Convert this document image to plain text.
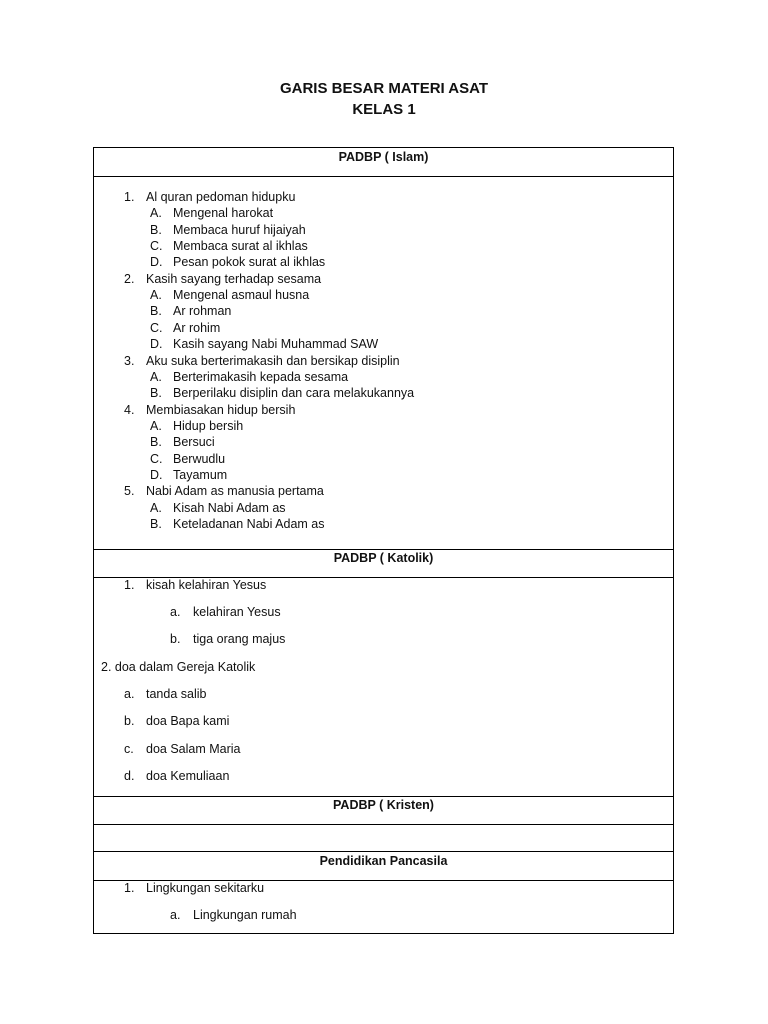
GARIS BESAR MATERI ASAT
KELAS 1
PADBP ( Islam)
1. Al quran pedoman hidupku
A. Mengenal harokat
B. Membaca huruf hijaiyah
C. Membaca surat al ikhlas
D. Pesan pokok surat al ikhlas
2. Kasih sayang terhadap sesama
A. Mengenal asmaul husna
B. Ar rohman
C. Ar rohim
D. Kasih sayang Nabi Muhammad SAW
3. Aku suka berterimakasih dan bersikap disiplin
A. Berterimakasih kepada sesama
B. Berperilaku disiplin dan cara melakukannya
4. Membiasakan hidup bersih
A. Hidup bersih
B. Bersuci
C. Berwudlu
D. Tayamum
5. Nabi Adam as manusia pertama
A. Kisah Nabi Adam as
B. Keteladanan Nabi Adam as
PADBP ( Katolik)
1. kisah kelahiran Yesus
a. kelahiran Yesus
b. tiga orang majus
2. doa dalam Gereja Katolik
a. tanda salib
b. doa Bapa kami
c. doa Salam Maria
d. doa Kemuliaan
PADBP ( Kristen)
Pendidikan Pancasila
1. Lingkungan sekitarku
a. Lingkungan rumah
